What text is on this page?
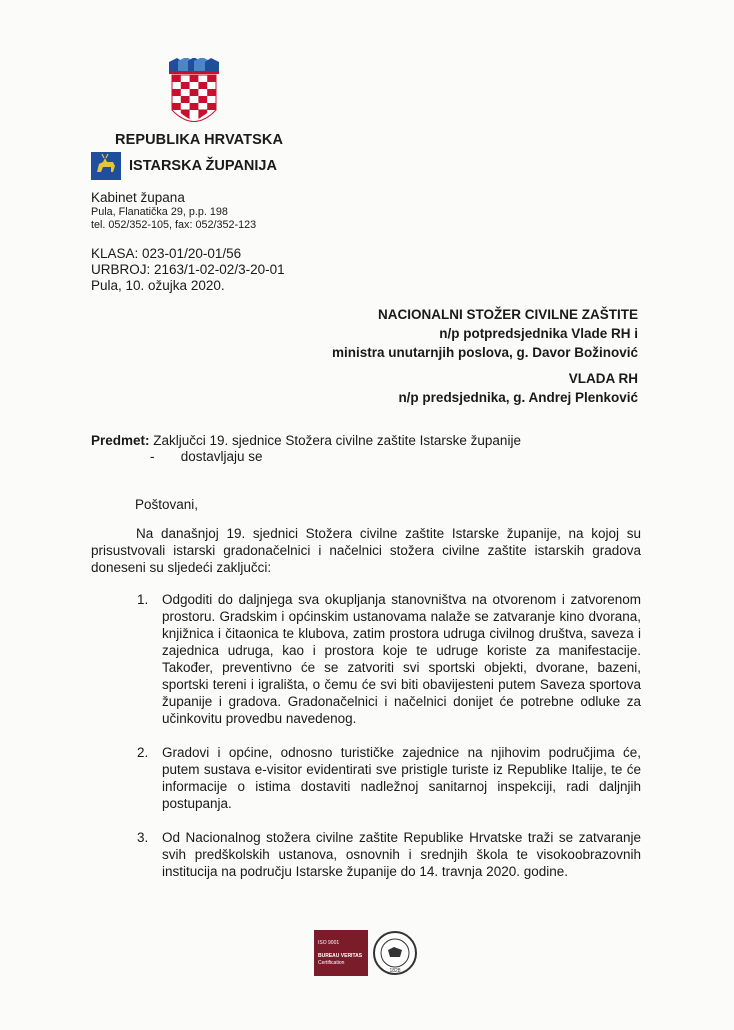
REPUBLIKA HRVATSKA
ISTARSKA ŽUPANIJA
Kabinet župana
Pula, Flanatička 29, p.p. 198
tel. 052/352-105, fax: 052/352-123
KLASA: 023-01/20-01/56
URBROJ: 2163/1-02-02/3-20-01
Pula, 10. ožujka 2020.
NACIONALNI STOŽER CIVILNE ZAŠTITE
n/p potpredsjednika Vlade RH i
ministra unutarnjih poslova, g. Davor Božinović
VLADA RH
n/p predsjednika, g. Andrej Plenković
Predmet: Zaključci 19. sjednice Stožera civilne zaštite Istarske županije
-       dostavljaju se
Poštovani,
Na današnjoj 19. sjednici Stožera civilne zaštite Istarske županije, na kojoj su prisustvovali istarski gradonačelnici i načelnici stožera civilne zaštite istarskih gradova doneseni su sljedeći zaključci:
1.	Odgoditi do daljnjega sva okupljanja stanovništva na otvorenom i zatvorenom prostoru. Gradskim i općinskim ustanovama nalaže se zatvaranje kino dvorana, knjižnica i čitaonica te klubova, zatim prostora udruga civilnog društva, saveza i zajednica udruga, kao i prostora koje te udruge koriste za manifestacije. Također, preventivno će se zatvoriti svi sportski objekti, dvorane, bazeni, sportski tereni i igrališta, o čemu će svi biti obavijesteni putem Saveza sportova županije i gradova. Gradonačelnici i načelnici donijet će potrebne odluke za učinkovitu provedbu navedenog.
2.	Gradovi i općine, odnosno turističke zajednice na njihovim područjima će, putem sustava e-visitor evidentirati sve pristigle turiste iz Republike Italije, te će informacije o istima dostaviti nadležnoj sanitarnoj inspekciji, radi daljnjih postupanja.
3.	Od Nacionalnog stožera civilne zaštite Republike Hrvatske traži se zatvaranje svih predškolskih ustanova, osnovnih i srednjih škola te visokoobrazovnih institucija na području Istarske županije do 14. travnja 2020. godine.
ISO 9001
BUREAU VERITAS
Certification
1828
